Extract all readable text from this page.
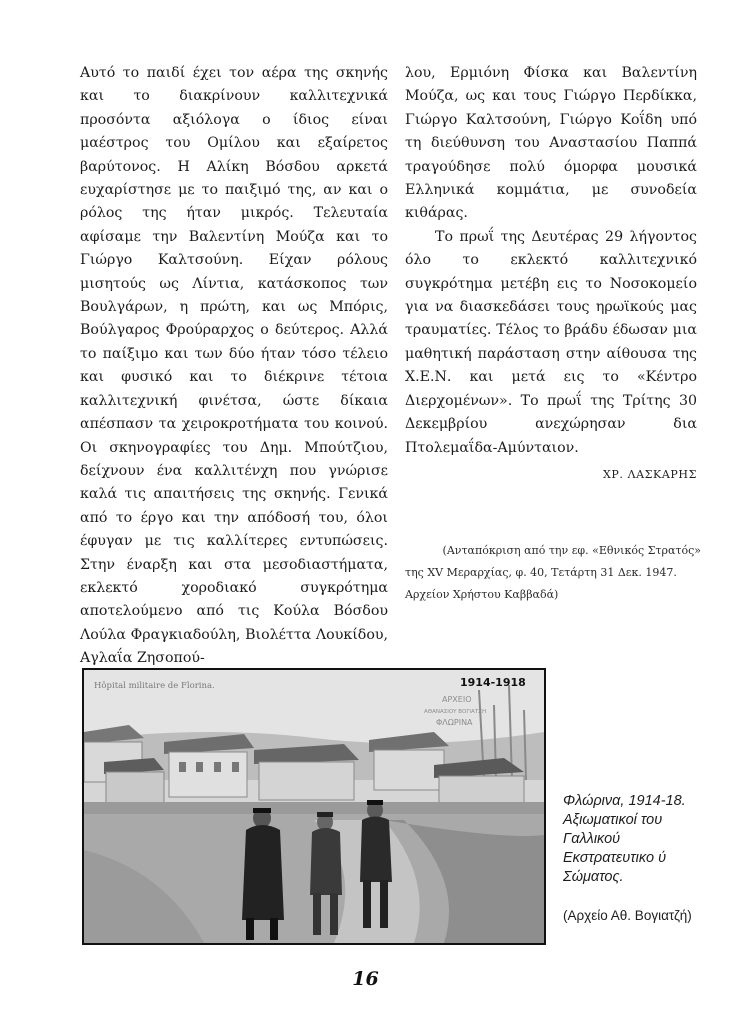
Αυτό το παιδί έχει τον αέρα της σκηνής και το διακρίνουν καλλιτεχνικά προσόντα αξιόλογα ο ίδιος είναι μαέστρος του Ομίλου και εξαίρετος βαρύτονος. Η Αλίκη Βόσδου αρκετά ευχαρίστησε με το παιξιμό της, αν και ο ρόλος της ήταν μικρός. Τελευταία αφίσαμε την Βαλεντίνη Μούζα και το Γιώργο Καλτσούνη. Είχαν ρόλους μισητούς ως Λίντια, κατάσκοπος των Βουλγάρων, η πρώτη, και ως Μπόρις, Βούλγαρος Φρούραρχος ο δεύτερος. Αλλά το παίξιμο και των δύο ήταν τόσο τέλειο και φυσικό και το διέκρινε τέτοια καλλιτεχνική φινέτσα, ώστε δίκαια απέσπασν τα χειροκροτήματα του κοινού. Οι σκηνογραφίες του Δημ. Μπούτζιου, δείχνουν ένα καλλιτένχη που γνώρισε καλά τις απαιτήσεις της σκηνής. Γενικά από το έργο και την απόδοσή του, όλοι έφυγαν με τις καλλίτερες εντυπώσεις. Στην έναρξη και στα μεσοδιαστήματα, εκλεκτό χοροδιακό συγκρότημα αποτελούμενο από τις Κούλα Βόσδου Λούλα Φραγκιαδούλη, Βιολέττα Λουκίδου, Αγλαΐα Ζησοπού-

λου, Ερμιόνη Φίσκα και Βαλεντίνη Μούζα, ως και τους Γιώργο Περδίκκα, Γιώργο Καλτσούνη, Γιώργο Κοΐδη υπό τη διεύθυνση του Αναστασίου Παππά τραγούδησε πολύ όμορφα μουσικά Ελληνικά κομμάτια, με συνοδεία κιθάρας.

Το πρωΐ της Δευτέρας 29 λήγοντος όλο το εκλεκτό καλλιτεχνικό συγκρότημα μετέβη εις το Νοσοκομείο για να διασκεδάσει τους ηρωϊκούς μας τραυματίες. Τέλος το βράδυ έδωσαν μια μαθητική παράσταση στην αίθουσα της Χ.Ε.Ν. και μετά εις το «Κέντρο Διερχομένων». Το πρωΐ της Τρίτης 30 Δεκεμβρίου ανεχώρησαν δια Πτολεμαΐδα-Αμύνταιον.

ΧΡ. ΛΑΣΚΑΡΗΣ
(Ανταπόκριση από την εφ. «Εθνικός Στρατός»
της XV Μεραρχίας, φ. 40, Τετάρτη 31 Δεκ. 1947.
Αρχείον Χρήστου Καββαδά)
Hôpital militaire de Florina.	1914-1918
ΑΡΧΕΙΟ
ΑΘΑΝΑΣΙΟΥ ΒΟΓΙΑΤΖΗ
ΦΛΩΡΙΝΑ
Φλώρινα, 1914-18. Αξιωματικοί του Γαλλικού Εκστρατευτικο ύ Σώματος.
(Αρχείο Αθ. Βογιατζή)
16
